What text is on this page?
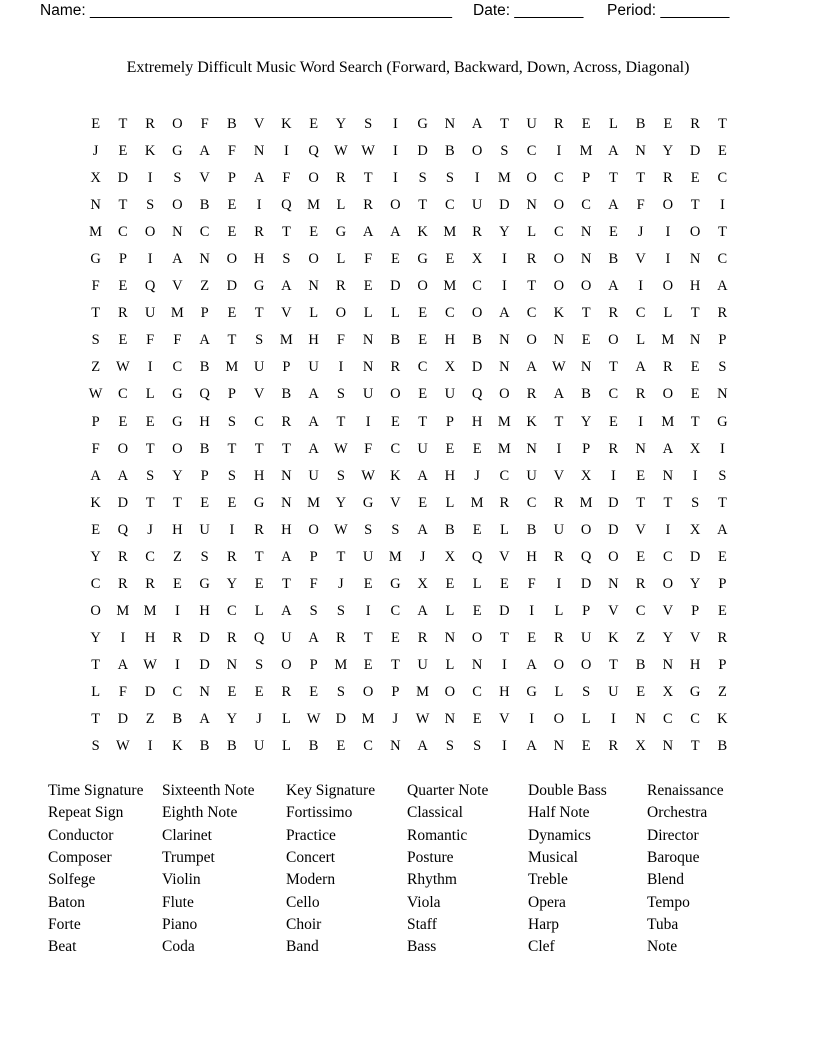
Name: __________________________________________ Date: ________ Period: ________
Extremely Difficult Music Word Search (Forward, Backward, Down, Across, Diagonal)
E	T	R	O	F	B	V	K	E	Y	S	I	G	N	A	T	U	R	E	L	B	E	R	T
J	E	K	G	A	F	N	I	Q	W W	I	D	B	O	S	C	I	M	A	N	Y	D	E
X	D	I	S	V	P	A	F	O	R	T	I	S	S	I	M	O	C	P	T	T	R	E	C
N	T	S	O	B	E	I	Q	M	L	R	O	T	C	U	D	N	O	C	A	F	O	T	I
M	C	O	N	C	E	R	T	E	G	A	A	K	M	R	Y	L	C	N	E	J	I	O	T
G	P	I	A	N	O	H	S	O	L	F	E	G	E	X	I	R	O	N	B	V	I	N	C
F	E	Q	V	Z	D	G	A	N	R	E	D	O	M	C	I	T	O	O	A	I	O	H	A
T	R	U	M	P	E	T	V	L	O	L	L	E	C	O	A	C	K	T	R	C	L	T	R
S	E	F	F	A	T	S	M	H	F	N	B	E	H	B	N	O	N	E	O	L	M	N	P
Z	W	I	C	B	M	U	P	U	I	N	R	C	X	D	N	A	W	N	T	A	R	E	S
W	C	L	G	Q	P	V	B	A	S	U	O	E	U	Q	O	R	A	B	C	R	O	E	N
P	E	E	G	H	S	C	R	A	T	I	E	T	P	H	M	K	T	Y	E	I	M	T	G
F	O	T	O	B	T	T	T	A	W	F	C	U	E	E	M	N	I	P	R	N	A	X	I
A	A	S	Y	P	S	H	N	U	S	W	K	A	H	J	C	U	V	X	I	E	N	I	S
K	D	T	T	E	E	G	N	M	Y	G	V	E	L	M	R	C	R	M	D	T	T	S	T
E	Q	J	H	U	I	R	H	O	W	S	S	A	B	E	L	B	U	O	D	V	I	X	A
Y	R	C	Z	S	R	T	A	P	T	U	M	J	X	Q	V	H	R	Q	O	E	C	D	E
C	R	R	E	G	Y	E	T	F	J	E	G	X	E	L	E	F	I	D	N	R	O	Y	P
O	M M	I	H	C	L	A	S	S	I	C	A	L	E	D	I	L	P	V	C	V	P	E
Y	I	H	R	D	R	Q	U	A	R	T	E	R	N	O	T	E	R	U	K	Z	Y	V	R
T	A	W	I	D	N	S	O	P	M	E	T	U	L	N	I	A	O	O	T	B	N	H	P
L	F	D	C	N	E	E	R	E	S	O	P	M	O	C	H	G	L	S	U	E	X	G	Z
T	D	Z	B	A	Y	J	L	W	D	M	J	W	N	E	V	I	O	L	I	N	C	C	K
S	W	I	K	B	B	U	L	B	E	C	N	A	S	S	I	A	N	E	R	X	N	T	B
Time Signature
Repeat Sign
Conductor
Composer
Solfege
Baton
Forte
Beat
Sixteenth Note
Eighth Note
Clarinet
Trumpet
Violin
Flute
Piano
Coda
Key Signature
Fortissimo
Practice
Concert
Modern
Cello
Choir
Band
Quarter Note
Classical
Romantic
Posture
Rhythm
Viola
Staff
Bass
Double Bass
Half Note
Dynamics
Musical
Treble
Opera
Harp
Clef
Renaissance
Orchestra
Director
Baroque
Blend
Tempo
Tuba
Note
